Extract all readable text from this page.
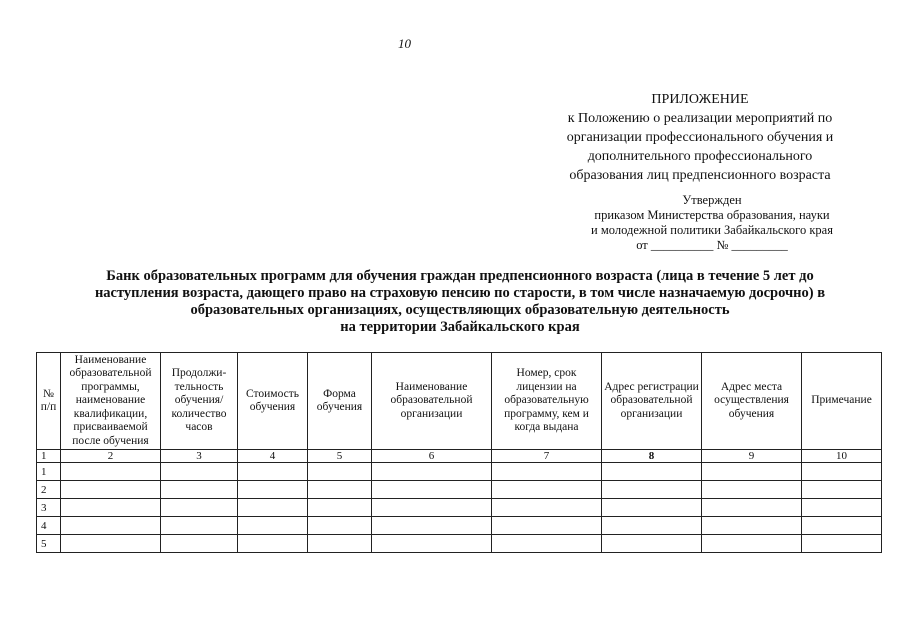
10
ПРИЛОЖЕНИЕ
к Положению о реализации мероприятий по
организации профессионального обучения и
дополнительного профессионального
образования лиц предпенсионного возраста
Утвержден
приказом Министерства образования, науки
и молодежной политики Забайкальского края
от __________ № _________
Банк образовательных программ для обучения граждан предпенсионного возраста (лица в течение 5 лет до
наступления возраста, дающего право на страховую пенсию по старости, в том числе назначаемую досрочно) в
образовательных организациях, осуществляющих образовательную деятельность
на территории Забайкальского края
№ п/п	Наименование образовательной программы, наименование квалификации, присваиваемой после обучения	Продолжи-тельность обучения/ количество часов	Стоимость обучения	Форма обучения	Наименование образовательной организации	Номер, срок лицензии на образовательную программу, кем и когда выдана	Адрес регистрации образовательной организации	Адрес места осуществления обучения	Примечание
1	2	3	4	5	6	7	8	9	10
1									
2									
3									
4									
5									
